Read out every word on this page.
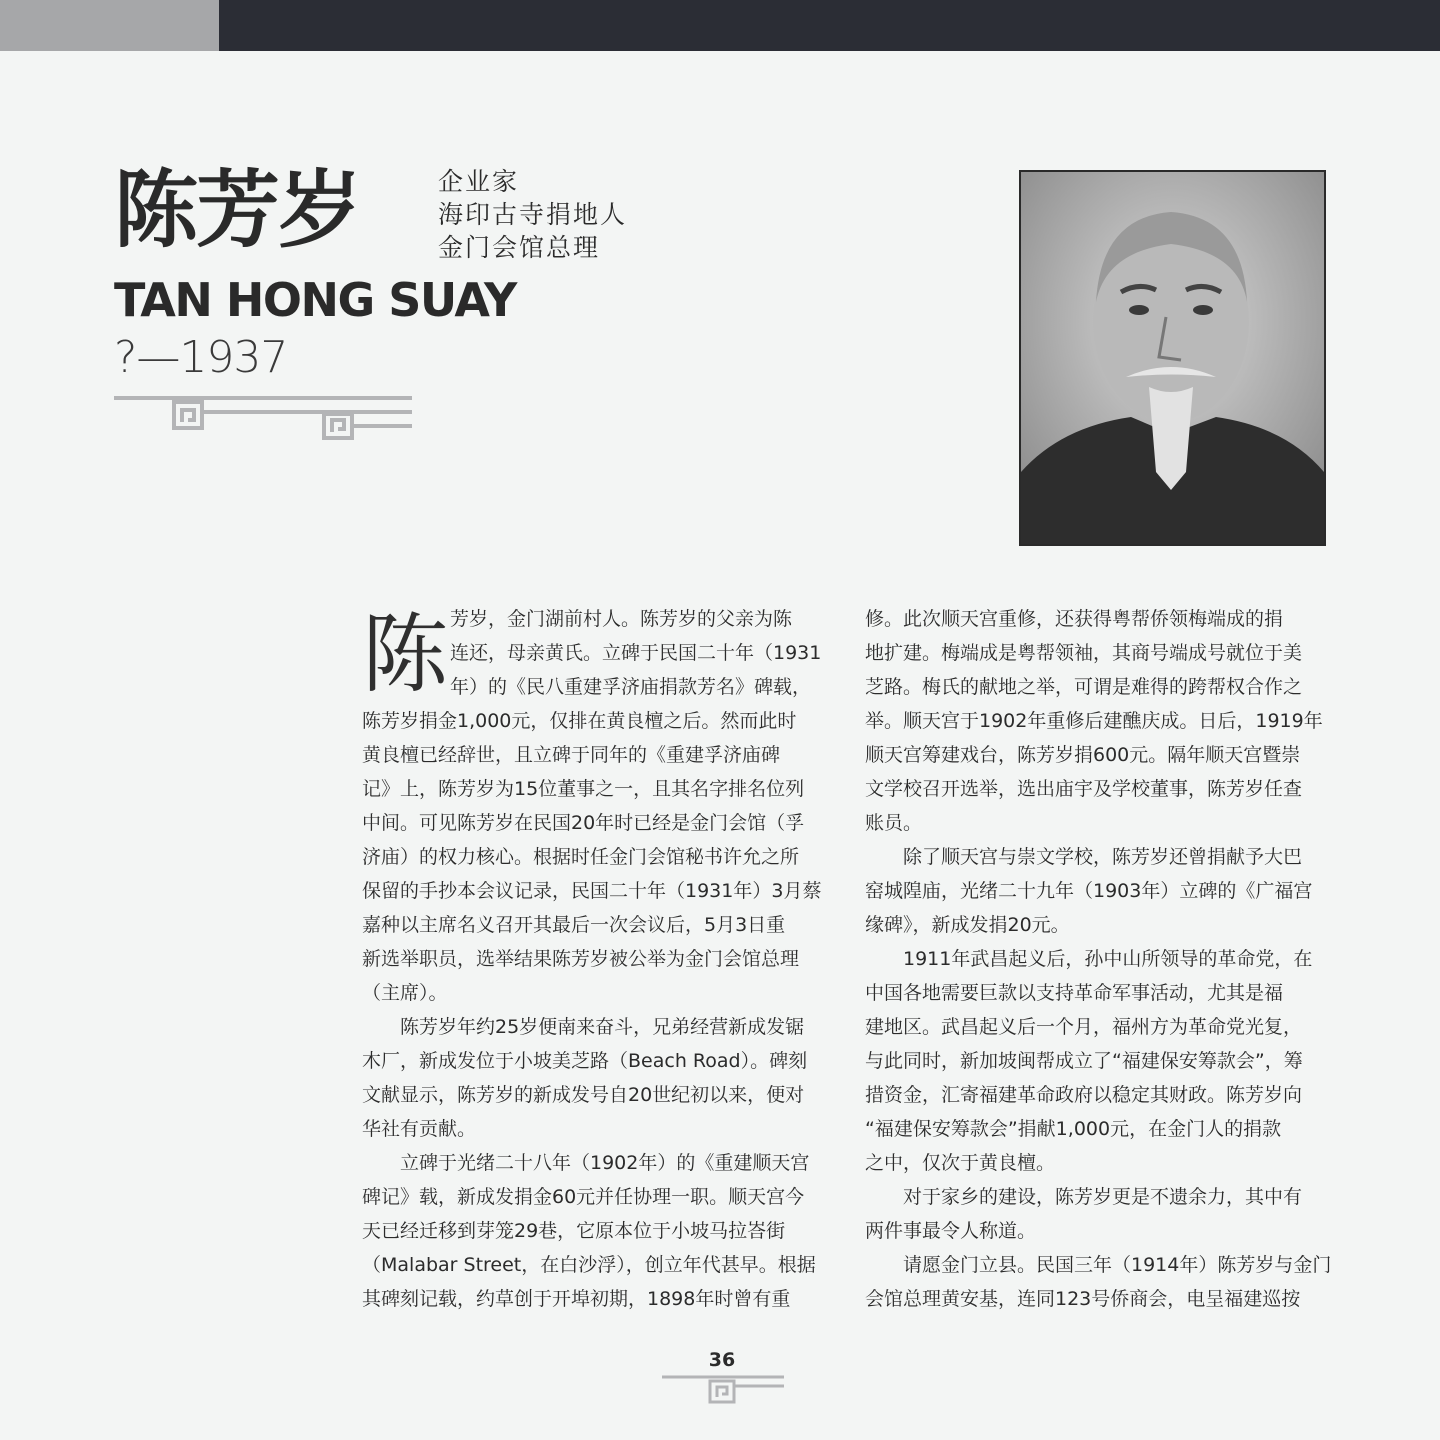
陈芳岁	企业家
海印古寺捐地人
金门会馆总理
TAN HONG SUAY
?—1937
陈 芳岁，金门湖前村人。陈芳岁的父亲为陈

连还，母亲黄氏。立碑于民国二十年（1931

年）的《民八重建孚济庙捐款芳名》碑载，

陈芳岁捐金1,000元，仅排在黄良檀之后。然而此时

黄良檀已经辞世，且立碑于同年的《重建孚济庙碑

记》上，陈芳岁为15位董事之一，且其名字排名位列

中间。可见陈芳岁在民国20年时已经是金门会馆（孚

济庙）的权力核心。根据时任金门会馆秘书许允之所

保留的手抄本会议记录，民国二十年（1931年）3月蔡

嘉种以主席名义召开其最后一次会议后，5月3日重

新选举职员，选举结果陈芳岁被公举为金门会馆总理

（主席）。

陈芳岁年约25岁便南来奋斗，兄弟经营新成发锯

木厂，新成发位于小坡美芝路（Beach Road）。碑刻

文献显示，陈芳岁的新成发号自20世纪初以来，便对

华社有贡献。

立碑于光绪二十八年（1902年）的《重建顺天宫

碑记》载，新成发捐金60元并任协理一职。顺天宫今

天已经迁移到芽笼29巷，它原本位于小坡马拉峇街

（Malabar Street，在白沙浮），创立年代甚早。根据

其碑刻记载，约草创于开埠初期，1898年时曾有重

修。此次顺天宫重修，还获得粤帮侨领梅端成的捐

地扩建。梅端成是粤帮领袖，其商号端成号就位于美

芝路。梅氏的献地之举，可谓是难得的跨帮权合作之

举。顺天宫于1902年重修后建醮庆成。日后，1919年

顺天宫筹建戏台，陈芳岁捐600元。隔年顺天宫暨崇

文学校召开选举，选出庙宇及学校董事，陈芳岁任查

账员。

除了顺天宫与崇文学校，陈芳岁还曾捐献予大巴

窑城隍庙，光绪二十九年（1903年）立碑的《广福宫

缘碑》，新成发捐20元。

1911年武昌起义后，孙中山所领导的革命党，在

中国各地需要巨款以支持革命军事活动，尤其是福

建地区。武昌起义后一个月，福州方为革命党光复，

与此同时，新加坡闽帮成立了“福建保安筹款会”，筹

措资金，汇寄福建革命政府以稳定其财政。陈芳岁向

“福建保安筹款会”捐献1,000元，在金门人的捐款

之中，仅次于黄良檀。

对于家乡的建设，陈芳岁更是不遗余力，其中有

两件事最令人称道。

请愿金门立县。民国三年（1914年）陈芳岁与金门

会馆总理黄安基，连同123号侨商会，电呈福建巡按

36
